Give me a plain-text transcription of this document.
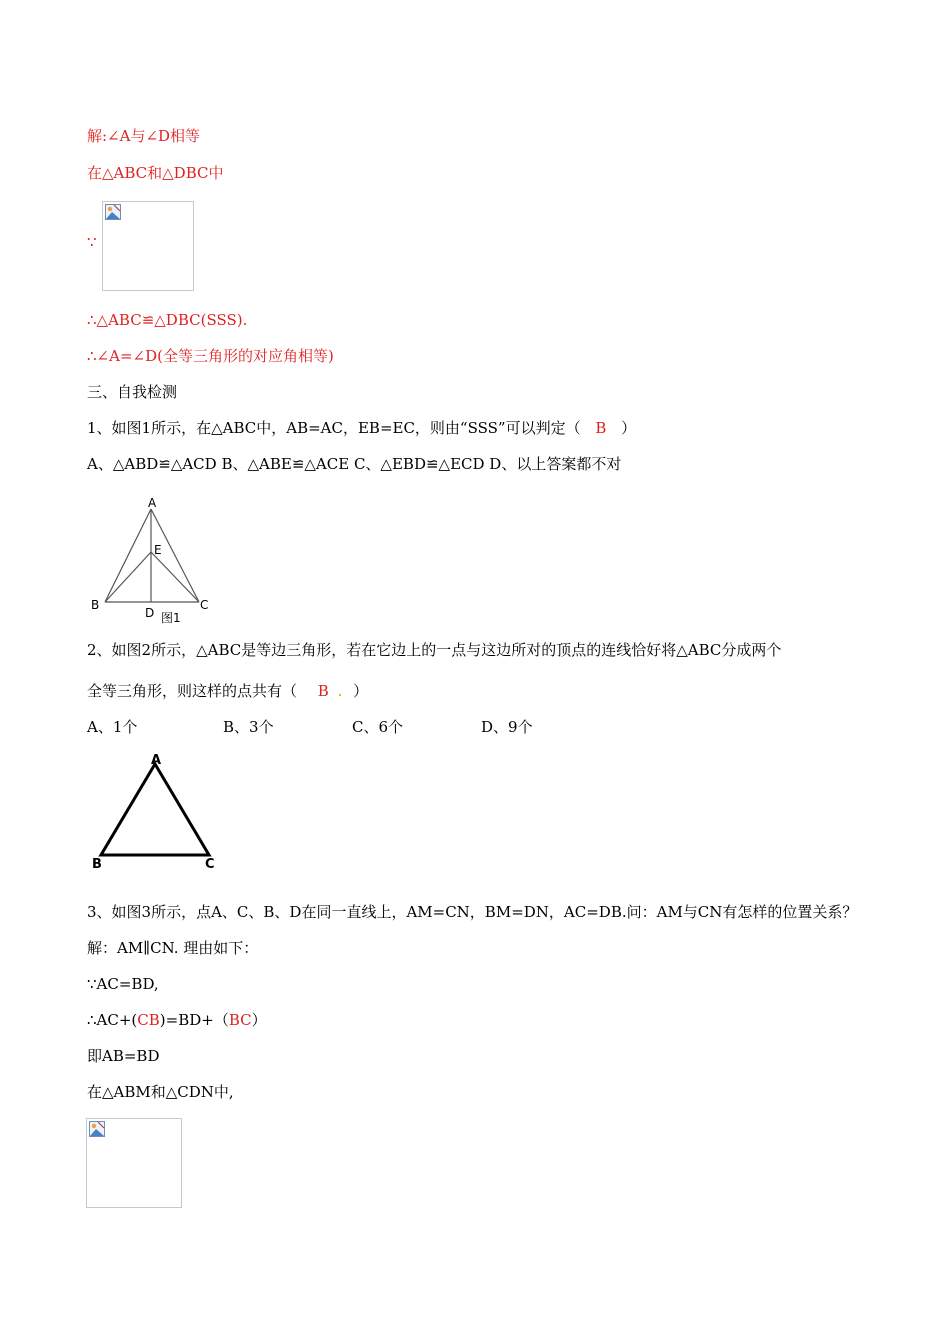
解:∠A与∠D相等
在△ABC和△DBC中
∵
∴△ABC≌△DBC(SSS).
∴∠A=∠D(全等三角形的对应角相等)
三、自我检测
1、如图1所示，在△ABC中，AB=AC，EB=EC，则由“SSS”可以判定（ B ）
A、△ABD≌△ACD B、△ABE≌△ACE C、△EBD≌△ECD D、以上答案都不对
A
B	C
D
E
图1
2、如图2所示，△ABC是等边三角形，若在它边上的一点与这边所对的顶点的连线恰好将△ABC分成两个
全等三角形，则这样的点共有（ B . ）
A、1个	B、3个	C、6个	D、9个
A
B	C
3、如图3所示，点A、C、B、D在同一直线上，AM=CN，BM=DN，AC=DB.问：AM与CN有怎样的位置关系？
解：AM∥CN. 理由如下：
∵AC=BD,
∴AC+(CB)=BD+（BC）
即AB=BD
在△ABM和△CDN中,
